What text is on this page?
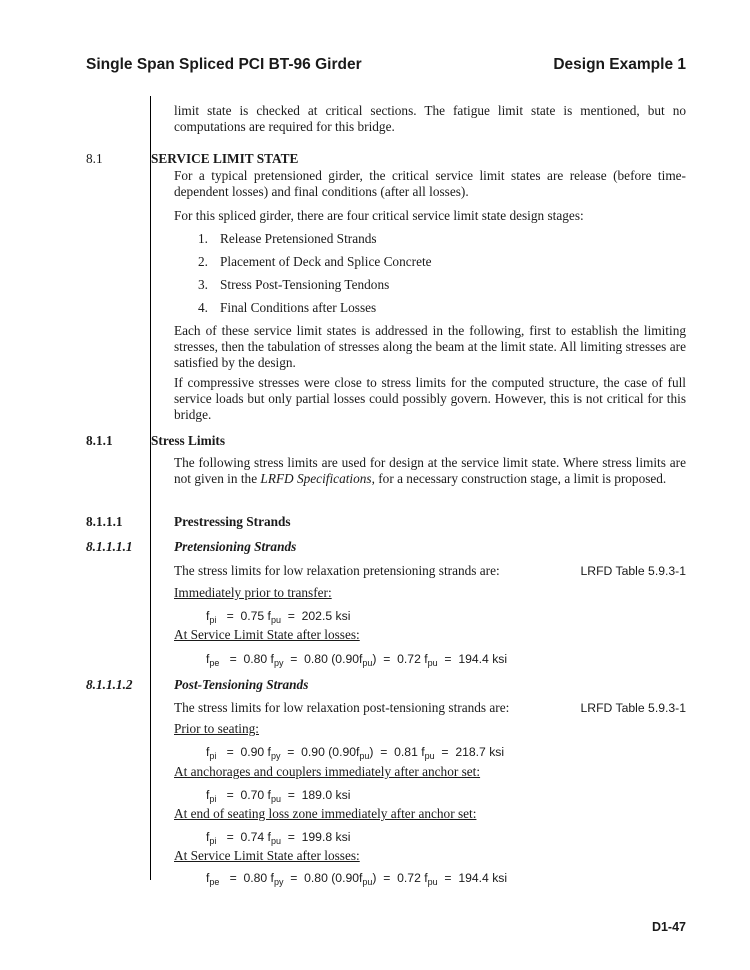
Single Span Spliced PCI BT-96 Girder	Design Example 1

limit state is checked at critical sections. The fatigue limit state is mentioned, but no computations are required for this bridge.

8.1	SERVICE LIMIT STATE

For a typical pretensioned girder, the critical service limit states are release (before time-dependent losses) and final conditions (after all losses).

For this spliced girder, there are four critical service limit state design stages:

1. Release Pretensioned Strands
2. Placement of Deck and Splice Concrete
3. Stress Post-Tensioning Tendons
4. Final Conditions after Losses

Each of these service limit states is addressed in the following, first to establish the limiting stresses, then the tabulation of stresses along the beam at the limit state. All limiting stresses are satisfied by the design.

If compressive stresses were close to stress limits for the computed structure, the case of full service loads but only partial losses could possibly govern. However, this is not critical for this bridge.

8.1.1	Stress Limits

The following stress limits are used for design at the service limit state. Where stress limits are not given in the LRFD Specifications, for a necessary construction stage, a limit is proposed.

8.1.1.1	Prestressing Strands
8.1.1.1.1	Pretensioning Strands
The stress limits for low relaxation pretensioning strands are:	LRFD Table 5.9.3-1
Immediately prior to transfer:
$f_{pi} = 0.75$ $f_{pu} = 202.5$ ksi
At Service Limit State after losses:
$f_{pe} = 0.80$ $f_{py} = 0.80$ $(0.90f_{pu}) = 0.72$ $f_{pu} = 194.4$ ksi
8.1.1.1.2	Post-Tensioning Strands
The stress limits for low relaxation post-tensioning strands are:	LRFD Table 5.9.3-1
Prior to seating:
$f_{pi} = 0.90$ $f_{py} = 0.90$ $(0.90f_{pu}) = 0.81$ $f_{pu} = 218.7$ ksi
At anchorages and couplers immediately after anchor set:
$f_{pi} = 0.70$ $f_{pu} = 189.0$ ksi
At end of seating loss zone immediately after anchor set:
$f_{pi} = 0.74$ $f_{pu} = 199.8$ ksi
At Service Limit State after losses:
$f_{pe} = 0.80$ $f_{py} = 0.80$ $(0.90f_{pu}) = 0.72$ $f_{pu} = 194.4$ ksi
D1-47
